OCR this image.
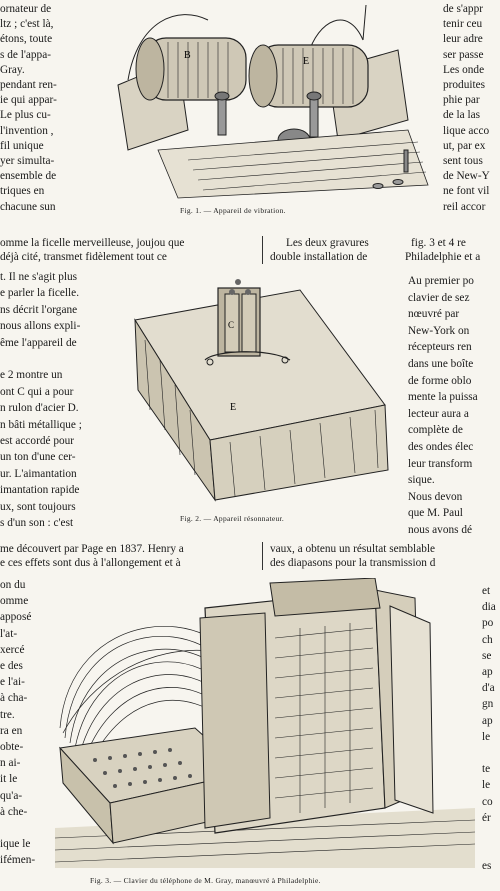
ornateur de
ltz ; c'est là,
étons, toute
s de l'appa-
Gray.
pendant ren-
ie qui appar-
Le plus cu-
l'invention ,
fil unique
yer simulta-
ensemble de
triques en
chacune sun
B
E
Fig. 1. — Appareil de vibration.
de s'appr
tenir ceu
leur adre
ser passe
Les onde
produites
phie par
de la las
lique acco
ut, par ex
sent tous
de New-Y
ne font vil
reil accor
omme la ficelle merveilleuse, joujou que
déjà cité, transmet fidèlement tout ce
Les deux gravures
double installation de
fig. 3 et 4 re
Philadelphie et a
t. Il ne s'agit plus
e parler la ficelle.
ns décrit l'organe
nous allons expli-
ême l'appareil de
e 2 montre un
ont C qui a pour
n rulon d'acier D.
n bâti métallique ;
est accordé pour
un ton d'une cer-
ur. L'aimantation
imantation rapide
ux, sont toujours
s d'un son : c'est
E
C
Fig. 2. — Appareil résonnateur.
Au premier po
clavier de sez
nœuvré par
New-York on
récepteurs ren
dans une boîte
de forme oblo
mente la puissa
lecteur aura a
complète de
des ondes élec
leur transform
sique.
Nous devon
que M. Paul
nous avons dé
me découvert par Page en 1837. Henry a
e ces effets sont dus à l'allongement et à
vaux, a obtenu un résultat semblable
des diapasons pour la transmission d
on du
omme
apposé
l'at-
xercé
e des
e l'ai-
à cha-
tre.
ra en
obte-
n ai-
it le
qu'a-
à che-
ique le
ifémen-
Fig. 3. — Clavier du téléphone de M. Gray, manœuvré à Philadelphie.
et
dia
po
ch
se
ap
d'a
gn
ap
le
te
le
co
ér
es
